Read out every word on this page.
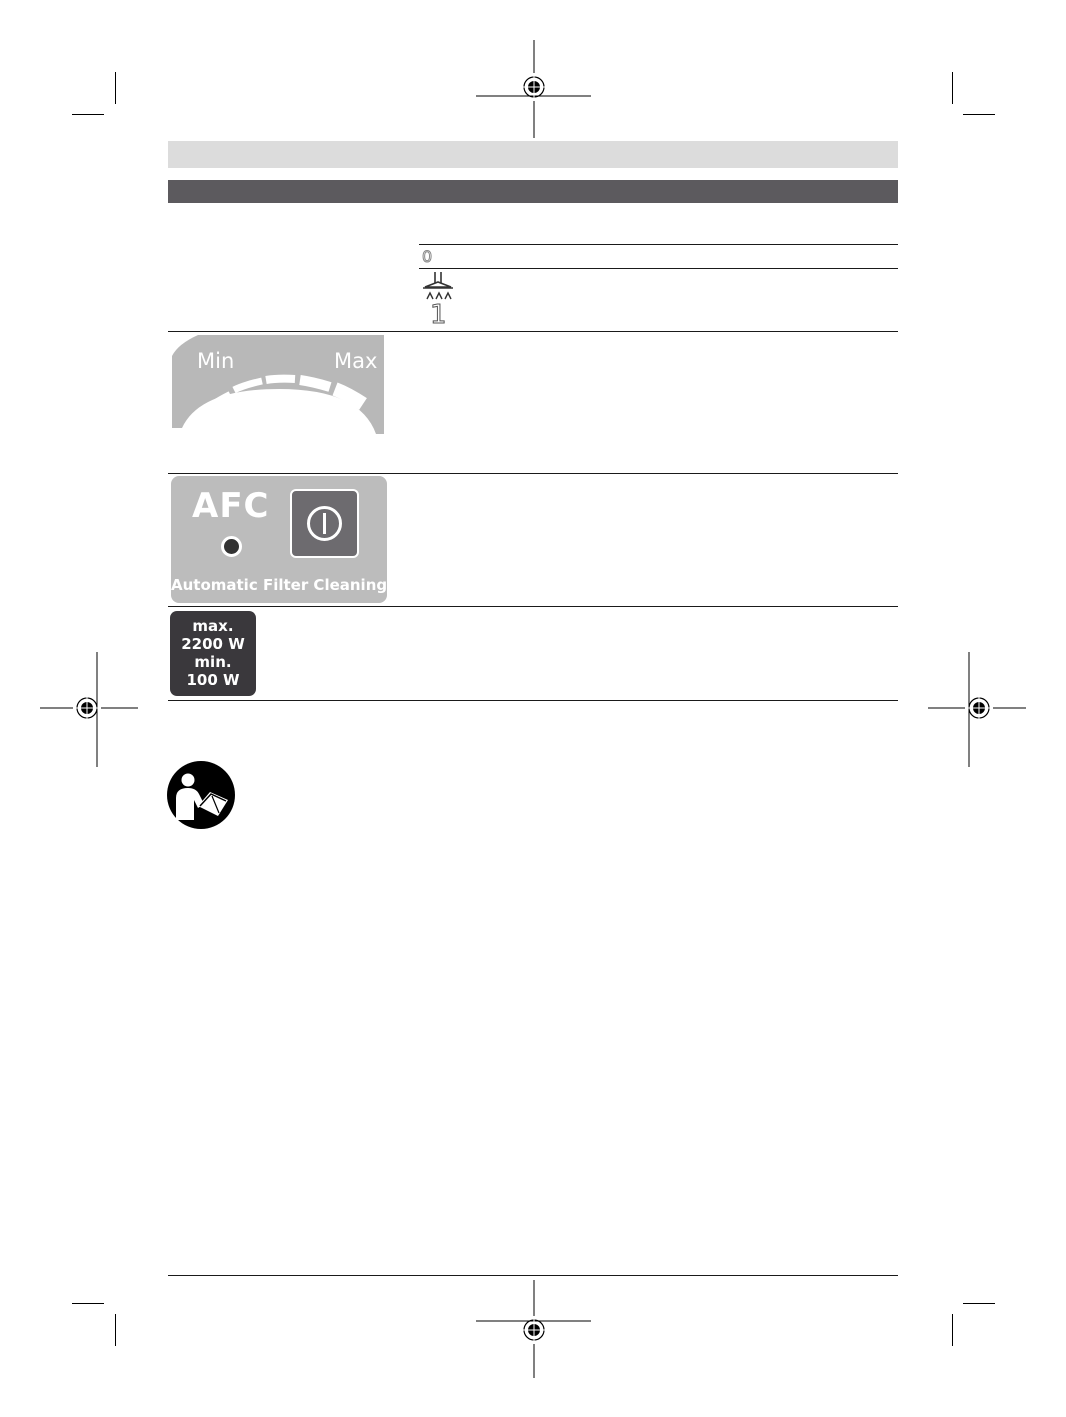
0
1
Min	Max
AFC
Automatic Filter Cleaning
max.
2200 W
min.
100 W
